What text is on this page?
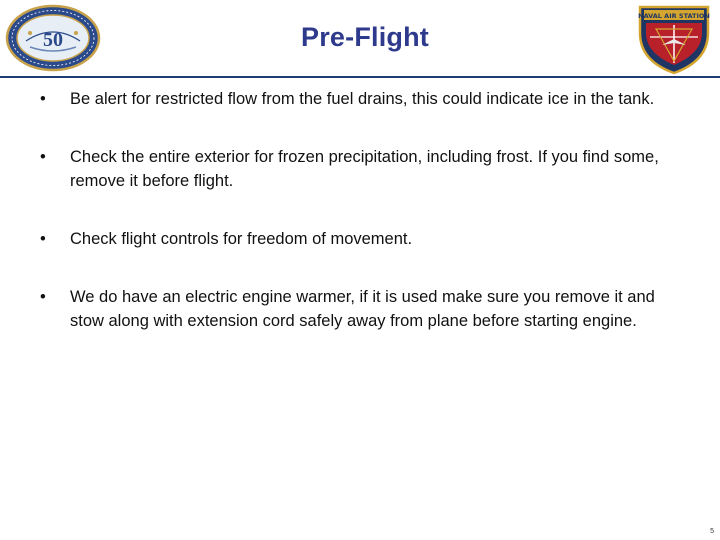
50	Pre-Flight
NAVAL AIR STATION
•	Be alert for restricted flow from the fuel drains, this could indicate ice in the tank.
•	Check the entire exterior for frozen precipitation, including frost. If you find some, remove it before flight.
•	Check flight controls for freedom of movement.
•	We do have an electric engine warmer, if it is used make sure you remove it and stow along with extension cord safely away from plane before starting engine.
5
